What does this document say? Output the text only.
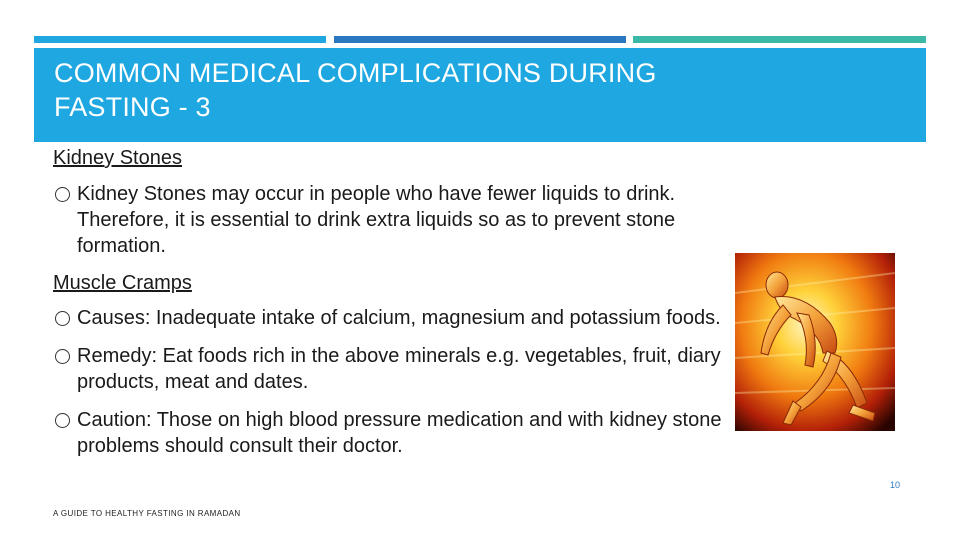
COMMON MEDICAL COMPLICATIONS DURING
FASTING - 3
Kidney Stones
Kidney Stones may occur in people who have fewer liquids to drink. Therefore, it is essential to drink extra liquids so as to prevent stone formation.
Muscle Cramps
Causes: Inadequate intake of calcium, magnesium and potassium foods.
Remedy: Eat foods rich in the above minerals e.g. vegetables, fruit, diary products, meat and dates.
Caution: Those on high blood pressure medication and with kidney stone problems should consult their doctor.
A GUIDE TO HEALTHY FASTING IN RAMADAN
10
